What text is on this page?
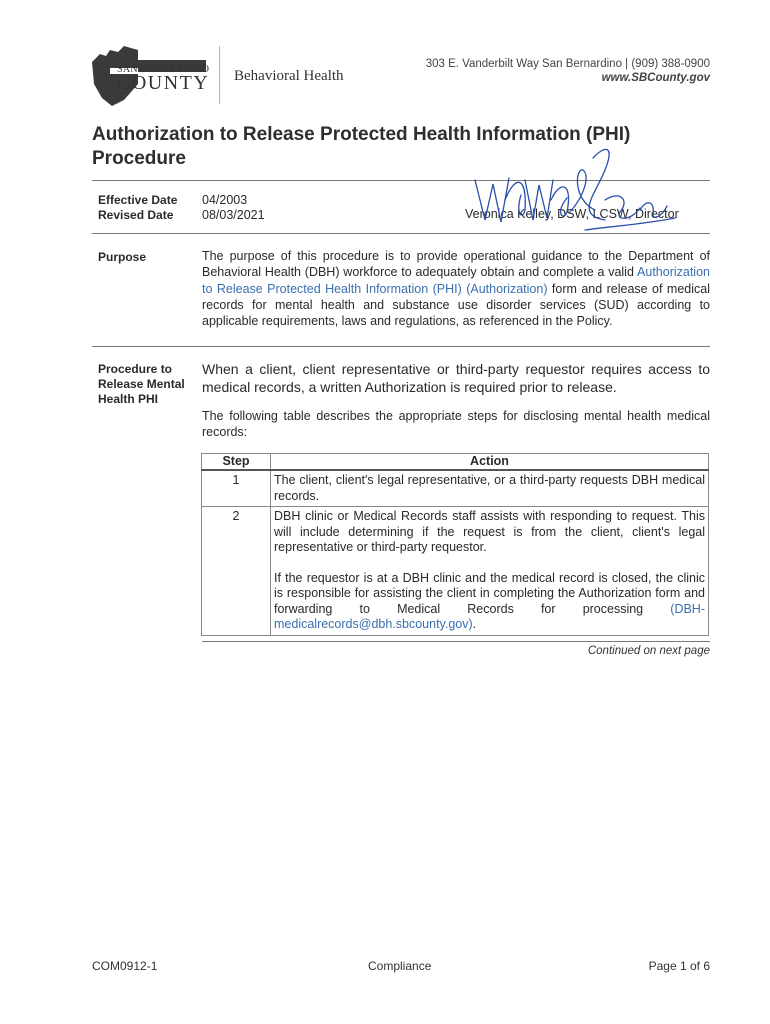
SAN BERNARDINO
COUNTY Behavioral Health
303 E. Vanderbilt Way San Bernardino | (909) 388-0900
www.SBCounty.gov
Authorization to Release Protected Health Information (PHI)
Procedure
Effective Date 04/2003
Revised Date 08/03/2021	Veronica Kelley, DSW, LCSW, Director
Purpose	The purpose of this procedure is to provide operational guidance to the Department of Behavioral Health (DBH) workforce to adequately obtain and complete a valid Authorization to Release Protected Health Information (PHI) (Authorization) form and release of medical records for mental health and substance use disorder services (SUD) according to applicable requirements, laws and regulations, as referenced in the Policy.
Procedure to
Release Mental
Health PHI
When a client, client representative or third-party requestor requires access to medical records, a written Authorization is required prior to release.
The following table describes the appropriate steps for disclosing mental health medical records:
Step	Action
1	The client, client's legal representative, or a third-party requests DBH medical records.
2	DBH clinic or Medical Records staff assists with responding to request. This will include determining if the request is from the client, client's legal representative or third-party requestor.

If the requestor is at a DBH clinic and the medical record is closed, the clinic is responsible for assisting the client in completing the Authorization form and forwarding to Medical Records for processing (DBH-medicalrecords@dbh.sbcounty.gov).

Continued on next page
COM0912-1	Compliance	Page 1 of 6
